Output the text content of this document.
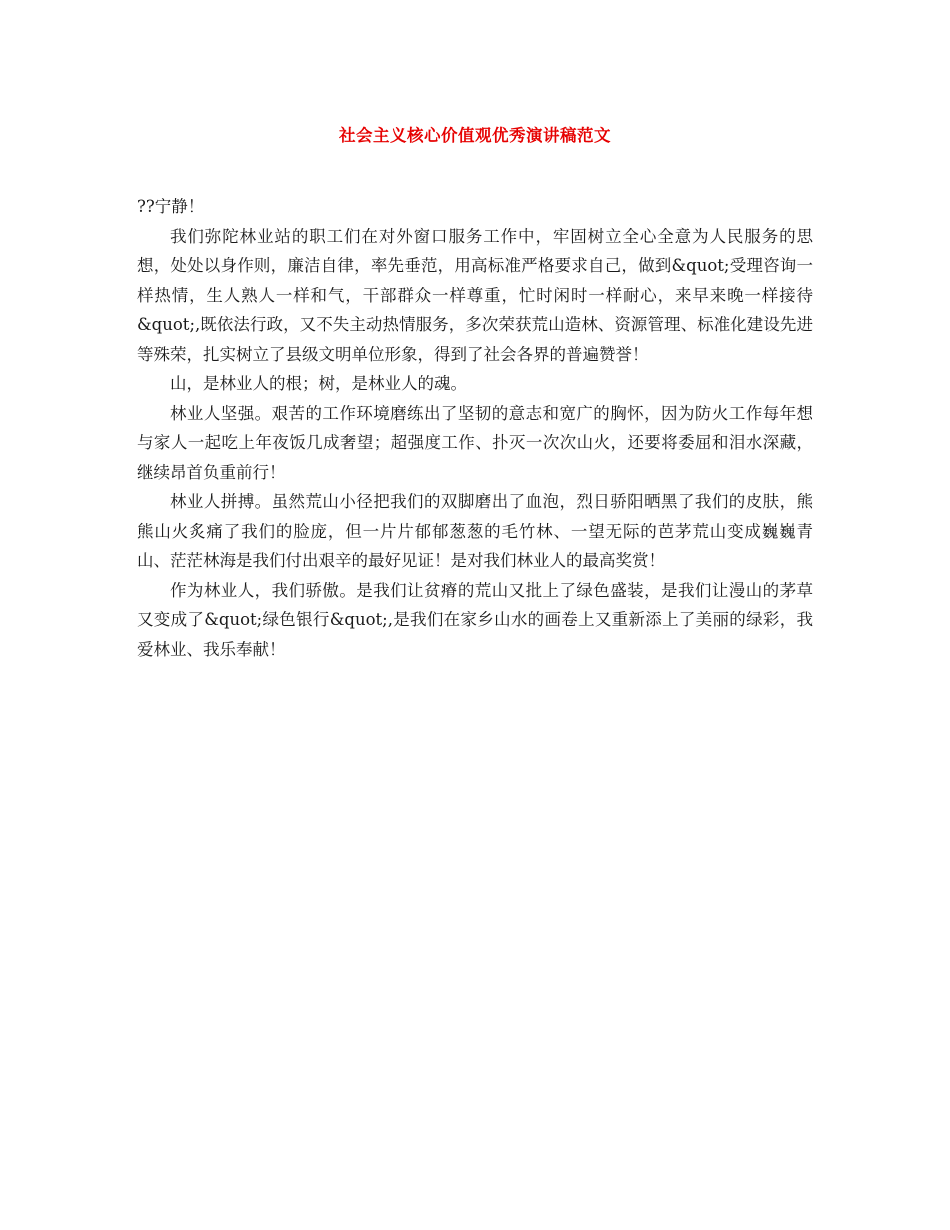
社会主义核心价值观优秀演讲稿范文

??宁静！

我们弥陀林业站的职工们在对外窗口服务工作中，牢固树立全心全意为人民服务的思想，处处以身作则，廉洁自律，率先垂范，用高标准严格要求自己，做到&quot;受理咨询一样热情，生人熟人一样和气，干部群众一样尊重，忙时闲时一样耐心，来早来晚一样接待&quot;,既依法行政，又不失主动热情服务，多次荣获荒山造林、资源管理、标准化建设先进等殊荣，扎实树立了县级文明单位形象，得到了社会各界的普遍赞誉！

山，是林业人的根；树，是林业人的魂。

林业人坚强。艰苦的工作环境磨练出了坚韧的意志和宽广的胸怀，因为防火工作每年想与家人一起吃上年夜饭几成奢望；超强度工作、扑灭一次次山火，还要将委屈和泪水深藏，继续昂首负重前行！

林业人拼搏。虽然荒山小径把我们的双脚磨出了血泡，烈日骄阳晒黑了我们的皮肤，熊熊山火炙痛了我们的脸庞，但一片片郁郁葱葱的毛竹林、一望无际的芭茅荒山变成巍巍青山、茫茫林海是我们付出艰辛的最好见证！是对我们林业人的最高奖赏！

作为林业人，我们骄傲。是我们让贫瘠的荒山又批上了绿色盛装，是我们让漫山的茅草又变成了&quot;绿色银行&quot;,是我们在家乡山水的画卷上又重新添上了美丽的绿彩，我爱林业、我乐奉献！
